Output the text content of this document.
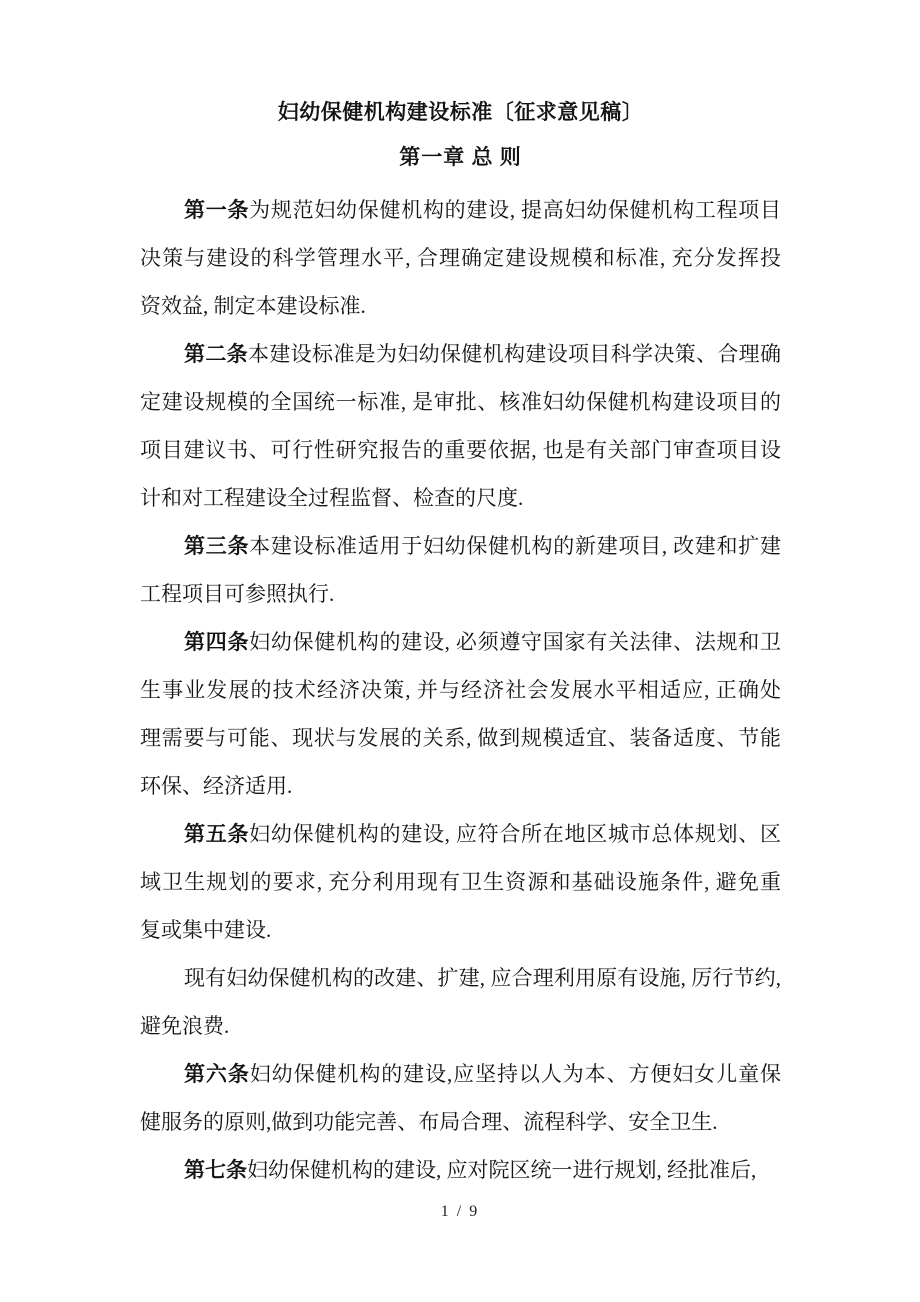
妇幼保健机构建设标准〔征求意见稿〕
第一章 总 则
第一条为规范妇幼保健机构的建设, 提高妇幼保健机构工程项目
决策与建设的科学管理水平, 合理确定建设规模和标准, 充分发挥投
资效益, 制定本建设标准.
第二条本建设标准是为妇幼保健机构建设项目科学决策、合理确
定建设规模的全国统一标准, 是审批、核准妇幼保健机构建设项目的
项目建议书、可行性研究报告的重要依据, 也是有关部门审查项目设
计和对工程建设全过程监督、检查的尺度.
第三条本建设标准适用于妇幼保健机构的新建项目, 改建和扩建
工程项目可参照执行.
第四条妇幼保健机构的建设, 必须遵守国家有关法律、法规和卫
生事业发展的技术经济决策, 并与经济社会发展水平相适应, 正确处
理需要与可能、现状与发展的关系, 做到规模适宜、装备适度、节能
环保、经济适用.
第五条妇幼保健机构的建设, 应符合所在地区城市总体规划、区
域卫生规划的要求, 充分利用现有卫生资源和基础设施条件, 避免重
复或集中建设.
现有妇幼保健机构的改建、扩建, 应合理利用原有设施, 厉行节约,
避免浪费.
第六条妇幼保健机构的建设,应坚持以人为本、方便妇女儿童保
健服务的原则,做到功能完善、布局合理、流程科学、安全卫生.
第七条妇幼保健机构的建设, 应对院区统一进行规划, 经批准后,
1 / 9
